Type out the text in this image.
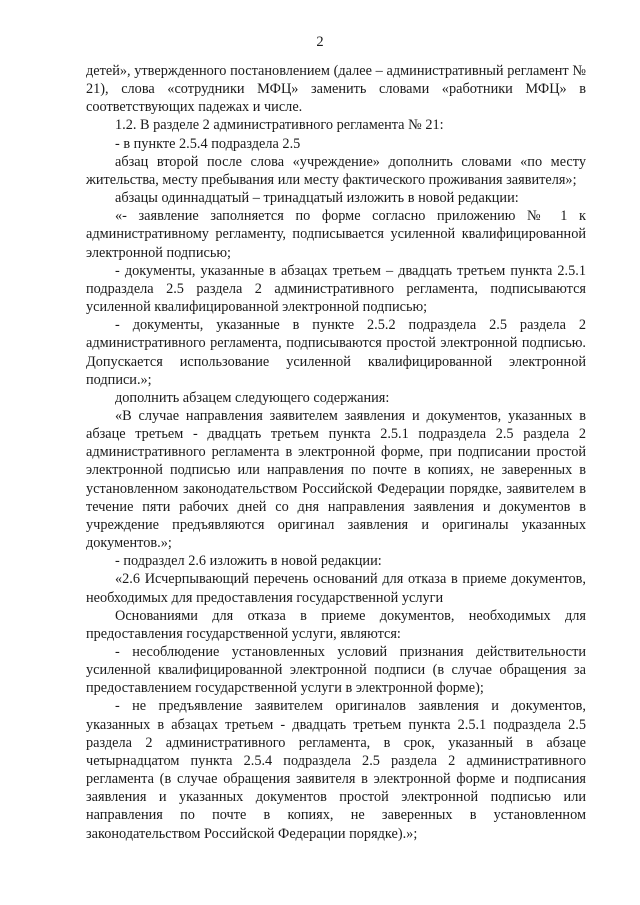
2

детей», утвержденного постановлением (далее – административный регламент № 21), слова «сотрудники МФЦ» заменить словами «работники МФЦ» в соответствующих падежах и числе.

1.2. В разделе 2 административного регламента № 21:

- в пункте 2.5.4 подраздела 2.5

абзац второй после слова «учреждение» дополнить словами «по месту жительства, месту пребывания или месту фактического проживания заявителя»;

абзацы одиннадцатый – тринадцатый изложить в новой редакции:

«- заявление заполняется по форме согласно приложению № 1 к административному регламенту, подписывается усиленной квалифицированной электронной подписью;

- документы, указанные в абзацах третьем – двадцать третьем пункта 2.5.1 подраздела 2.5 раздела 2 административного регламента, подписываются усиленной квалифицированной электронной подписью;

- документы, указанные в пункте 2.5.2 подраздела 2.5 раздела 2 административного регламента, подписываются простой электронной подписью. Допускается использование усиленной квалифицированной электронной подписи.»;

дополнить абзацем следующего содержания:

«В случае направления заявителем заявления и документов, указанных в абзаце третьем - двадцать третьем пункта 2.5.1 подраздела 2.5 раздела 2 административного регламента в электронной форме, при подписании простой электронной подписью или направления по почте в копиях, не заверенных в установленном законодательством Российской Федерации порядке, заявителем в течение пяти рабочих дней со дня направления заявления и документов в учреждение предъявляются оригинал заявления и оригиналы указанных документов.»;

- подраздел 2.6 изложить в новой редакции:

«2.6 Исчерпывающий перечень оснований для отказа в приеме документов, необходимых для предоставления государственной услуги

Основаниями для отказа в приеме документов, необходимых для предоставления государственной услуги, являются:

- несоблюдение установленных условий признания действительности усиленной квалифицированной электронной подписи (в случае обращения за предоставлением государственной услуги в электронной форме);

- не предъявление заявителем оригиналов заявления и документов, указанных в абзацах третьем - двадцать третьем пункта 2.5.1 подраздела 2.5 раздела 2 административного регламента, в срок, указанный в абзаце четырнадцатом пункта 2.5.4 подраздела 2.5 раздела 2 административного регламента (в случае обращения заявителя в электронной форме и подписания заявления и указанных документов простой электронной подписью или направления по почте в копиях, не заверенных в установленном законодательством Российской Федерации порядке).»;
